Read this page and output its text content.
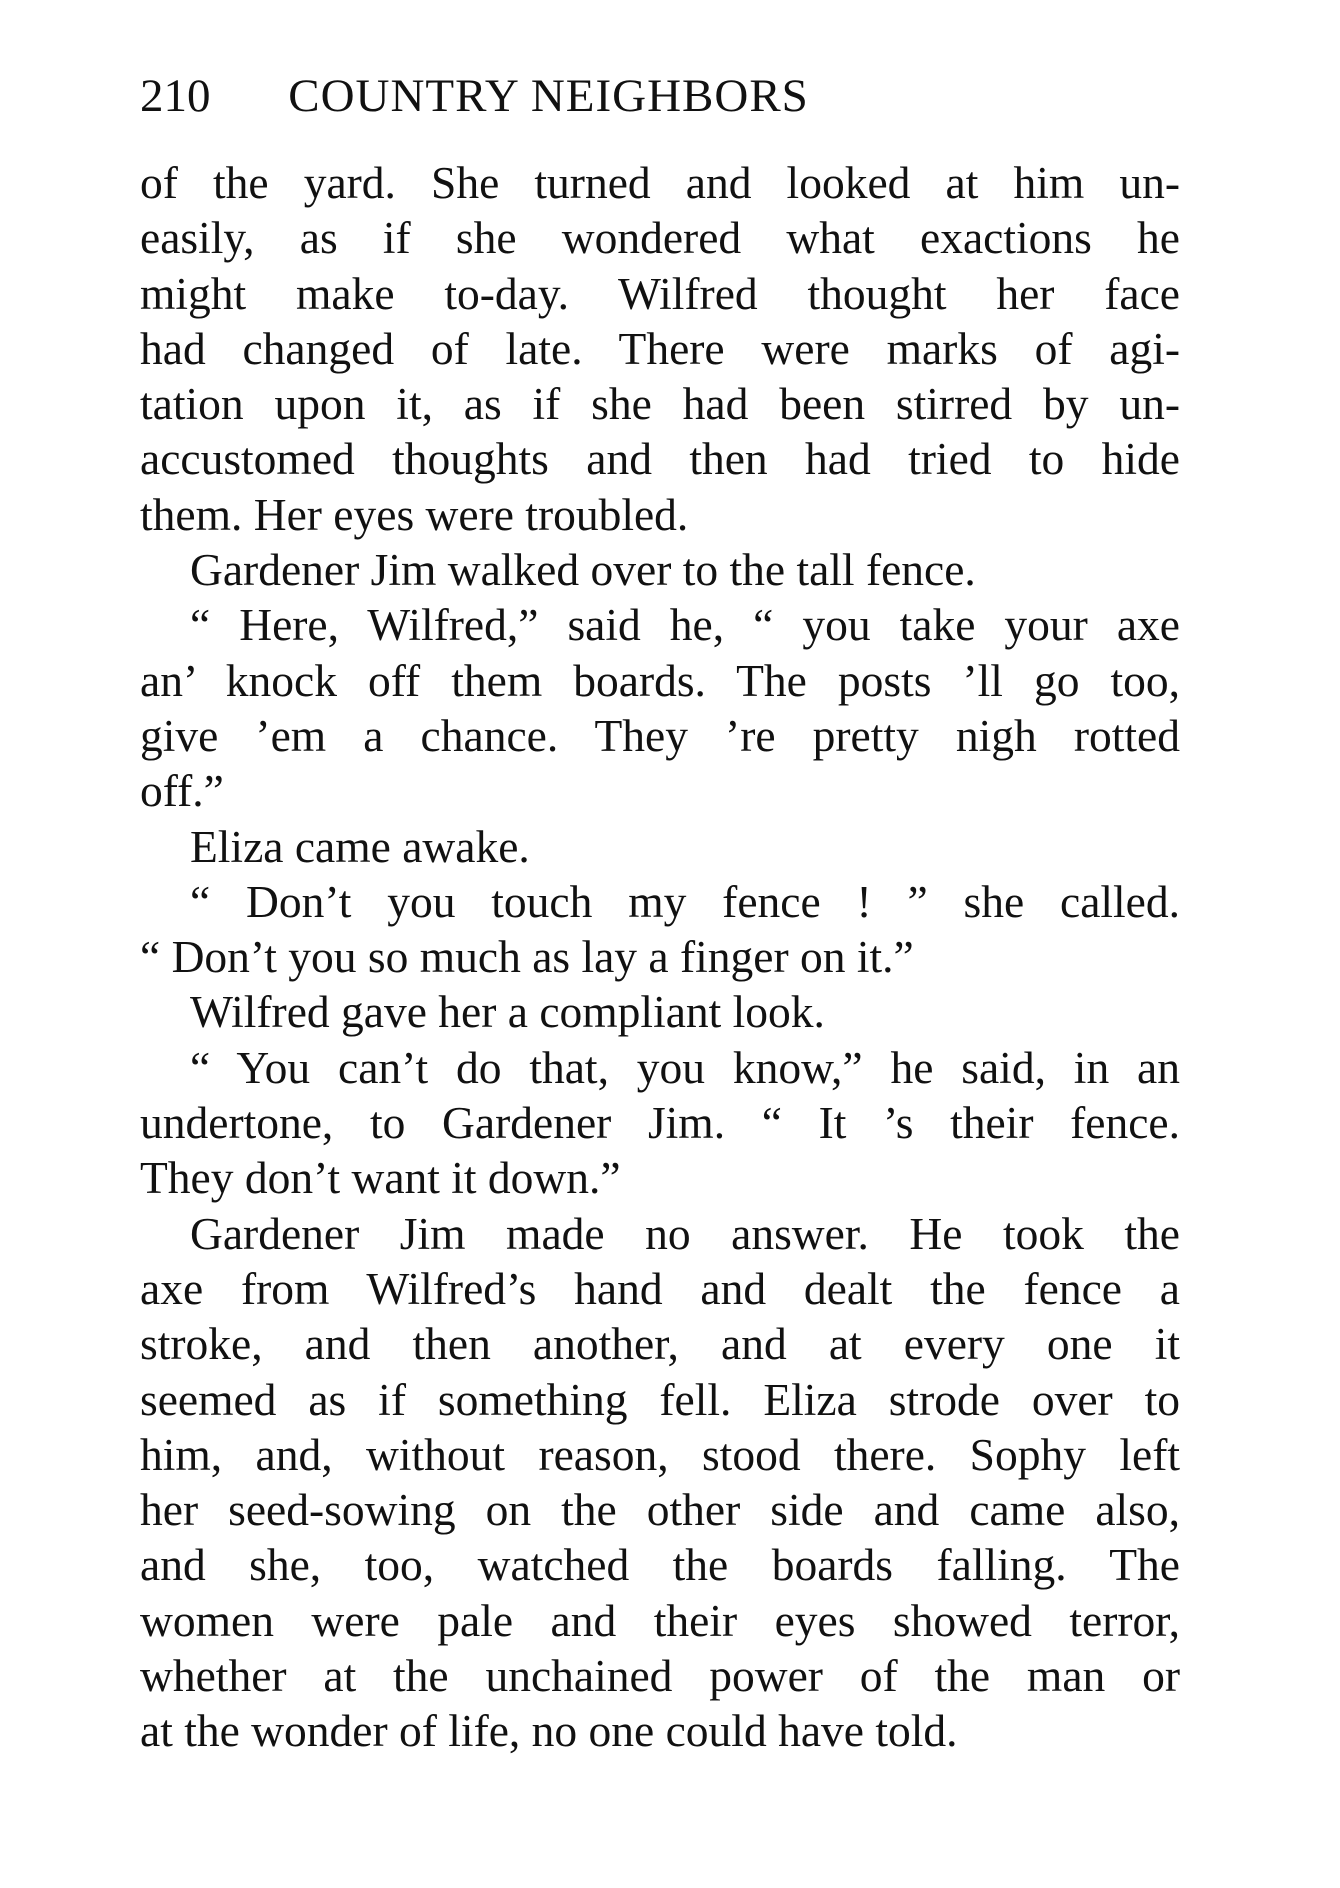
210 COUNTRY NEIGHBORS
of the yard. She turned and looked at him un-
easily, as if she wondered what exactions he
might make to-day. Wilfred thought her face
had changed of late. There were marks of agi-
tation upon it, as if she had been stirred by un-
accustomed thoughts and then had tried to hide
them. Her eyes were troubled.
Gardener Jim walked over to the tall fence.
“ Here, Wilfred,” said he, “ you take your axe
an’ knock off them boards. The posts ’ll go too,
give ’em a chance. They ’re pretty nigh rotted
off.”
Eliza came awake.
“ Don’t you touch my fence ! ” she called.
“ Don’t you so much as lay a finger on it.”
Wilfred gave her a compliant look.
“ You can’t do that, you know,” he said, in an
undertone, to Gardener Jim. “ It ’s their fence.
They don’t want it down.”
Gardener Jim made no answer. He took the
axe from Wilfred’s hand and dealt the fence a
stroke, and then another, and at every one it
seemed as if something fell. Eliza strode over to
him, and, without reason, stood there. Sophy left
her seed-sowing on the other side and came also,
and she, too, watched the boards falling. The
women were pale and their eyes showed terror,
whether at the unchained power of the man or
at the wonder of life, no one could have told.
